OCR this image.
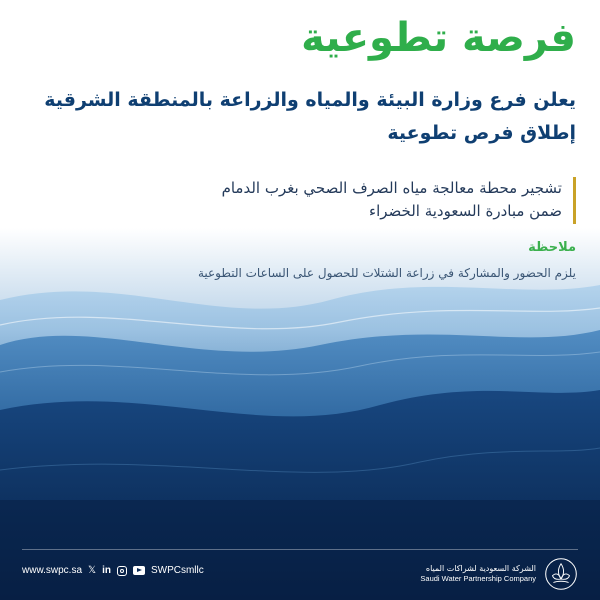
فرصة تطوعية
يعلن فرع وزارة البيئة والمياه والزراعة بالمنطقة الشرقية
إطلاق فرص تطوعية
تشجير محطة معالجة مياه الصرف الصحي بغرب الدمام
ضمن مبادرة السعودية الخضراء
ملاحظة
يلزم الحضور والمشاركة في زراعة الشتلات للحصول على الساعات التطوعية
www.swpc.sa 𝕏 in	SWPCsmllc	الشركة السعودية لشراكات المياه
Saudi Water Partnership Company
